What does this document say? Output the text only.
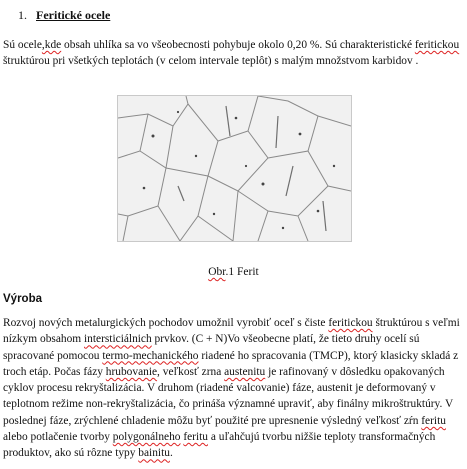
1. Feritické ocele
Sú ocele,kde obsah uhlíka sa vo všeobecnosti pohybuje okolo 0,20 %. Sú charakteristické feritickou štruktúrou pri všetkých teplotách (v celom intervale teplôt) s malým množstvom karbidov .
Obr.1 Ferit
Výroba
Rozvoj nových metalurgických pochodov umožnil vyrobiť oceľ s čiste feritickou štruktúrou s veľmi nízkym obsahom intersticiálnich prvkov. (C + N)Vo všeobecne platí, že tieto druhy ocelí sú spracované pomocou termo-mechanického riadené ho spracovania (TMCP), ktorý klasicky skladá z troch etáp. Počas fázy hrubovanie, veľkosť zrna austenitu je rafinovaný v dôsledku opakovaných cyklov procesu rekryštalizácia. V druhom (riadené valcovanie) fáze, austenit je deformovaný v teplotnom režime non-rekryštalizácia, čo prináša významné upraviť, aby finálny mikroštruktúry. V poslednej fáze, zrýchlené chladenie môžu byť použité pre upresnenie výsledný veľkosť zŕn feritu alebo potlačenie tvorby polygonálneho feritu a uľahčujú tvorbu nižšie teploty transformačných produktov, ako sú rôzne typy bainitu.
